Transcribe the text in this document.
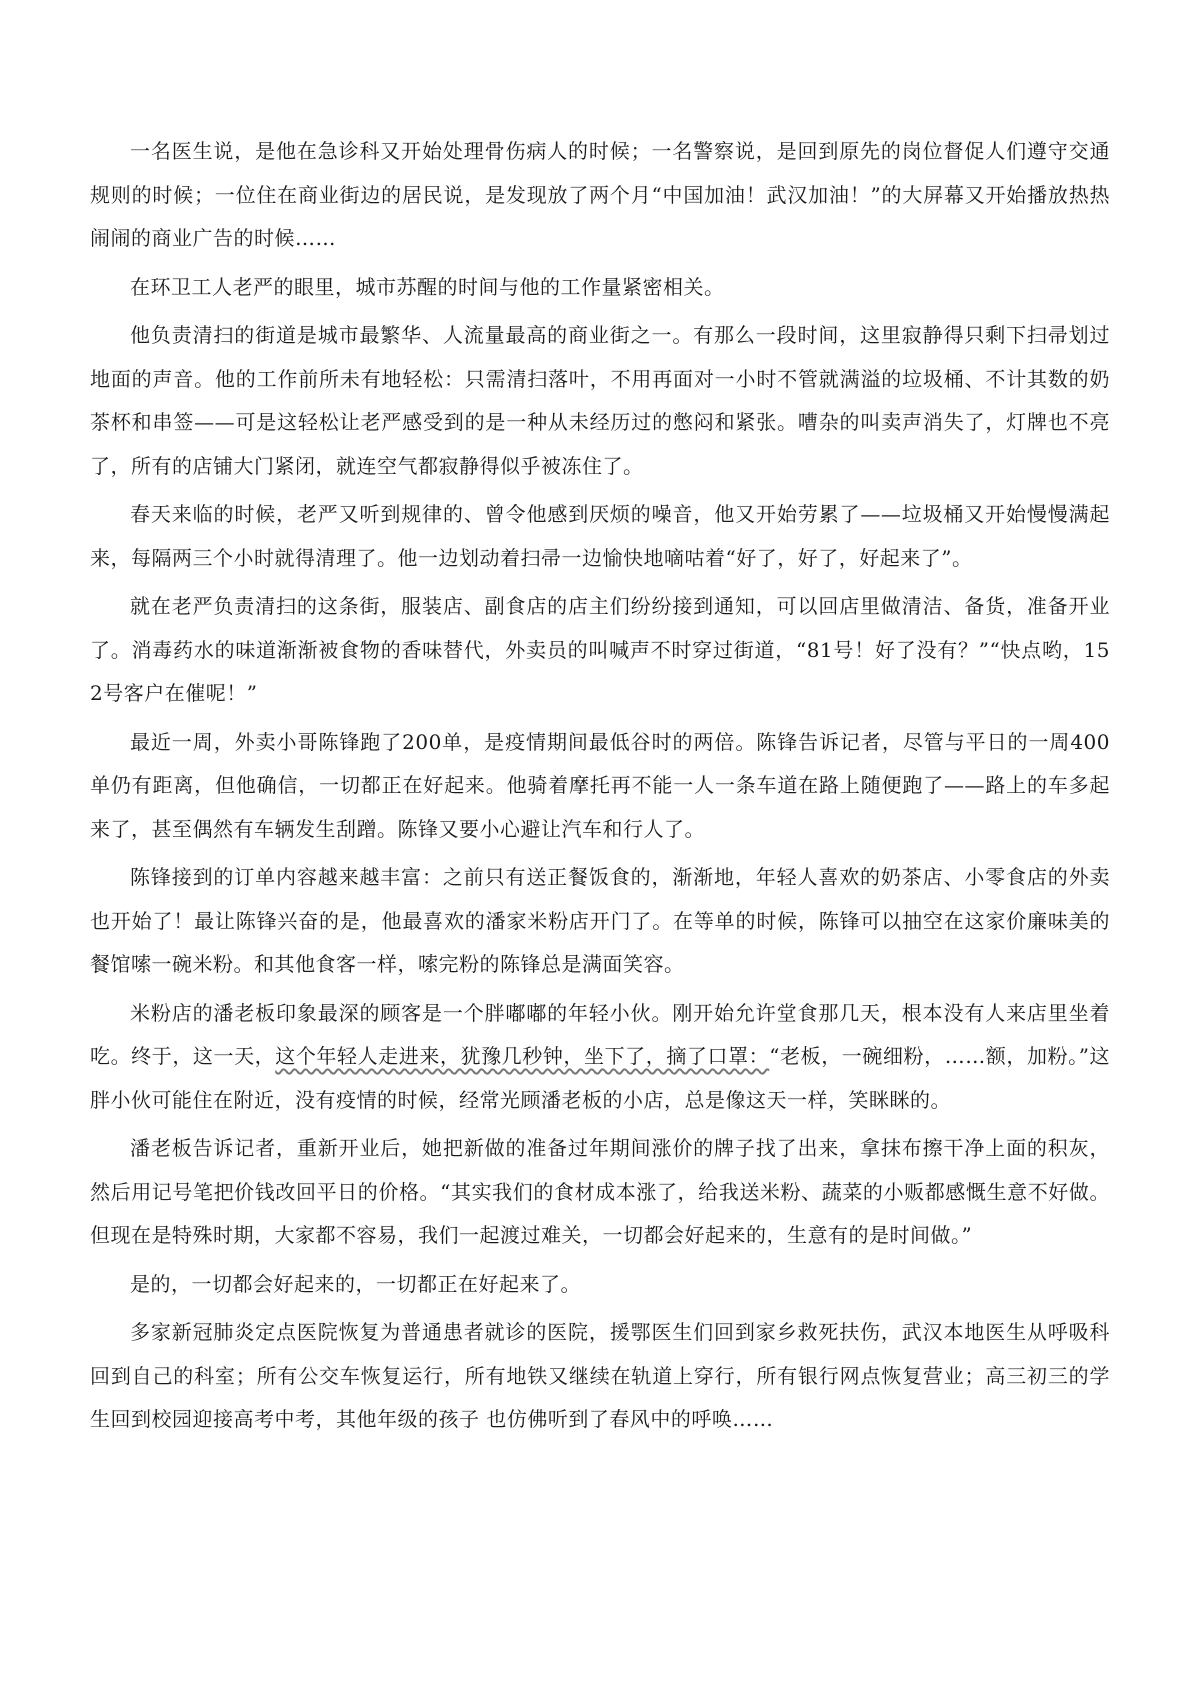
一名医生说，是他在急诊科又开始处理骨伤病人的时候；一名警察说，是回到原先的岗位督促人们遵守交通规则的时候；一位住在商业街边的居民说，是发现放了两个月“中国加油！武汉加油！”的大屏幕又开始播放热热闹闹的商业广告的时候……

在环卫工人老严的眼里，城市苏醒的时间与他的工作量紧密相关。

他负责清扫的街道是城市最繁华、人流量最高的商业街之一。有那么一段时间，这里寂静得只剩下扫帚划过地面的声音。他的工作前所未有地轻松：只需清扫落叶，不用再面对一小时不管就满溢的垃圾桶、不计其数的奶茶杯和串签——可是这轻松让老严感受到的是一种从未经历过的憋闷和紧张。嘈杂的叫卖声消失了，灯牌也不亮了，所有的店铺大门紧闭，就连空气都寂静得似乎被冻住了。

春天来临的时候，老严又听到规律的、曾令他感到厌烦的噪音，他又开始劳累了——垃圾桶又开始慢慢满起来，每隔两三个小时就得清理了。他一边划动着扫帚一边愉快地嘀咕着“好了，好了，好起来了”。

就在老严负责清扫的这条街，服装店、副食店的店主们纷纷接到通知，可以回店里做清洁、备货，准备开业了。消毒药水的味道渐渐被食物的香味替代，外卖员的叫喊声不时穿过街道，“81号！好了没有？”“快点哟，152号客户在催呢！”

最近一周，外卖小哥陈锋跑了200单，是疫情期间最低谷时的两倍。陈锋告诉记者，尽管与平日的一周400单仍有距离，但他确信，一切都正在好起来。他骑着摩托再不能一人一条车道在路上随便跑了——路上的车多起来了，甚至偶然有车辆发生刮蹭。陈锋又要小心避让汽车和行人了。

陈锋接到的订单内容越来越丰富：之前只有送正餐饭食的，渐渐地，年轻人喜欢的奶茶店、小零食店的外卖也开始了！最让陈锋兴奋的是，他最喜欢的潘家米粉店开门了。在等单的时候，陈锋可以抽空在这家价廉味美的餐馆嗦一碗米粉。和其他食客一样，嗦完粉的陈锋总是满面笑容。

米粉店的潘老板印象最深的顾客是一个胖嘟嘟的年轻小伙。刚开始允许堂食那几天，根本没有人来店里坐着吃。终于，这一天，这个年轻人走进来，犹豫几秒钟，坐下了，摘了口罩：“老板，一碗细粉，……额，加粉。”这胖小伙可能住在附近，没有疫情的时候，经常光顾潘老板的小店，总是像这天一样，笑眯眯的。

潘老板告诉记者，重新开业后，她把新做的准备过年期间涨价的牌子找了出来，拿抹布擦干净上面的积灰，然后用记号笔把价钱改回平日的价格。“其实我们的食材成本涨了，给我送米粉、蔬菜的小贩都感慨生意不好做。但现在是特殊时期，大家都不容易，我们一起渡过难关，一切都会好起来的，生意有的是时间做。”

是的，一切都会好起来的，一切都正在好起来了。

多家新冠肺炎定点医院恢复为普通患者就诊的医院，援鄂医生们回到家乡救死扶伤，武汉本地医生从呼吸科回到自己的科室；所有公交车恢复运行，所有地铁又继续在轨道上穿行，所有银行网点恢复营业；高三初三的学生回到校园迎接高考中考，其他年级的孩子 也仿佛听到了春风中的呼唤……
